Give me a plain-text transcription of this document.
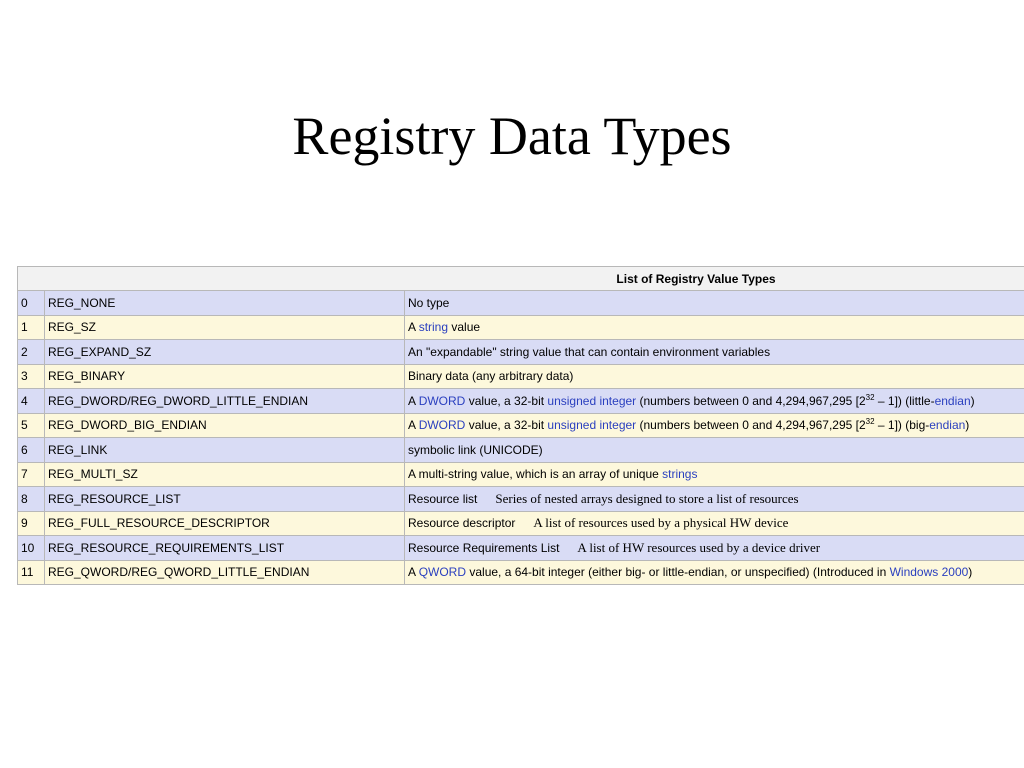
Registry Data Types
List of Registry Value Types		
0	REG_NONE	No type
1	REG_SZ	A string value
2	REG_EXPAND_SZ	An "expandable" string value that can contain environment variables
3	REG_BINARY	Binary data (any arbitrary data)
4	REG_DWORD/REG_DWORD_LITTLE_ENDIAN	A DWORD value, a 32-bit unsigned integer (numbers between 0 and 4,294,967,295 $[2^{32} - 1]$) (little-endian)
5	REG_DWORD_BIG_ENDIAN	A DWORD value, a 32-bit unsigned integer (numbers between 0 and 4,294,967,295 $[2^{32} - 1]$) (big-endian)
6	REG_LINK	symbolic link (UNICODE)
7	REG_MULTI_SZ	A multi-string value, which is an array of unique strings
8	REG_RESOURCE_LIST	Resource list Series of nested arrays designed to store a list of resources
9	REG_FULL_RESOURCE_DESCRIPTOR	Resource descriptor A list of resources used by a physical HW device
10	REG_RESOURCE_REQUIREMENTS_LIST	Resource Requirements List A list of HW resources used by a device driver
11	REG_QWORD/REG_QWORD_LITTLE_ENDIAN	A QWORD value, a 64-bit integer (either big- or little-endian, or unspecified) (Introduced in Windows 2000)
